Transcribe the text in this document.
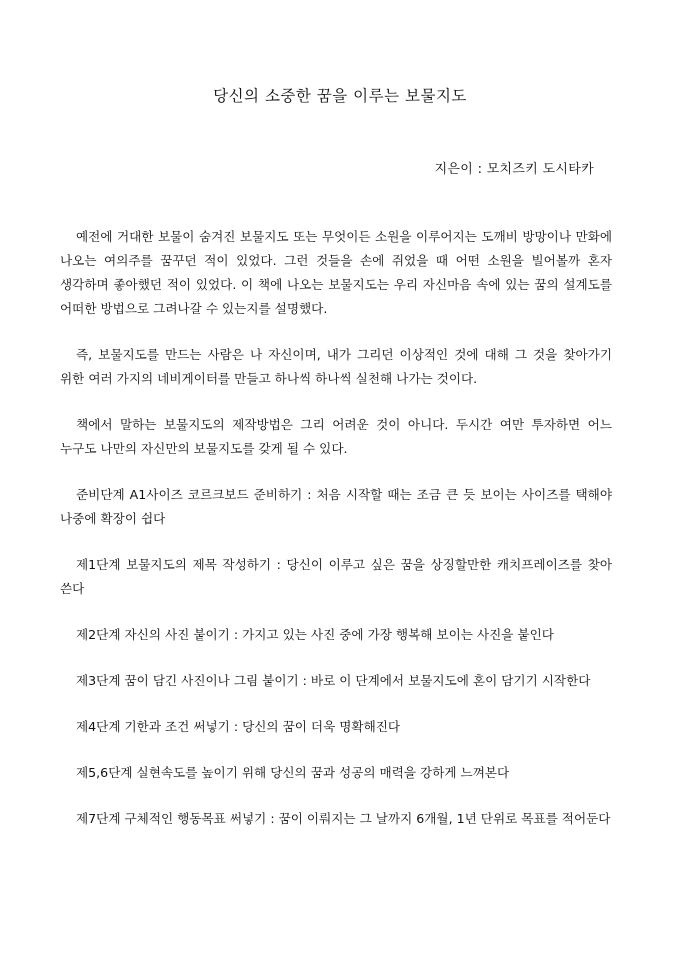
당신의 소중한 꿈을 이루는 보물지도
지은이 : 모치즈키 도시타카

예전에 거대한 보물이 숨겨진 보물지도 또는 무엇이든 소원을 이루어지는 도깨비 방망이나 만화에 나오는 여의주를 꿈꾸던 적이 있었다. 그런 것들을 손에 쥐었을 때 어떤 소원을 빌어볼까 혼자 생각하며 좋아했던 적이 있었다. 이 책에 나오는 보물지도는 우리 자신마음 속에 있는 꿈의 설계도를 어떠한 방법으로 그려나갈 수 있는지를 설명했다.

즉, 보물지도를 만드는 사람은 나 자신이며, 내가 그리던 이상적인 것에 대해 그 것을 찾아가기 위한 여러 가지의 네비게이터를 만들고 하나씩 하나씩 실천해 나가는 것이다.

책에서 말하는 보물지도의 제작방법은 그리 어려운 것이 아니다. 두시간 여만 투자하면 어느 누구도 나만의 자신만의 보물지도를 갖게 될 수 있다.

준비단계 A1사이즈 코르크보드 준비하기 : 처음 시작할 때는 조금 큰 듯 보이는 사이즈를 택해야 나중에 확장이 쉽다

제1단계 보물지도의 제목 작성하기 : 당신이 이루고 싶은 꿈을 상징할만한 캐치프레이즈를 찾아 쓴다

제2단계 자신의 사진 붙이기 : 가지고 있는 사진 중에 가장 행복해 보이는 사진을 붙인다

제3단계 꿈이 담긴 사진이나 그림 붙이기 : 바로 이 단계에서 보물지도에 혼이 담기기 시작한다

제4단계 기한과 조건 써넣기 : 당신의 꿈이 더욱 명확해진다

제5,6단계 실현속도를 높이기 위해 당신의 꿈과 성공의 매력을 강하게 느껴본다

제7단계 구체적인 행동목표 써넣기 : 꿈이 이뤄지는 그 날까지 6개월, 1년 단위로 목표를 적어둔다
